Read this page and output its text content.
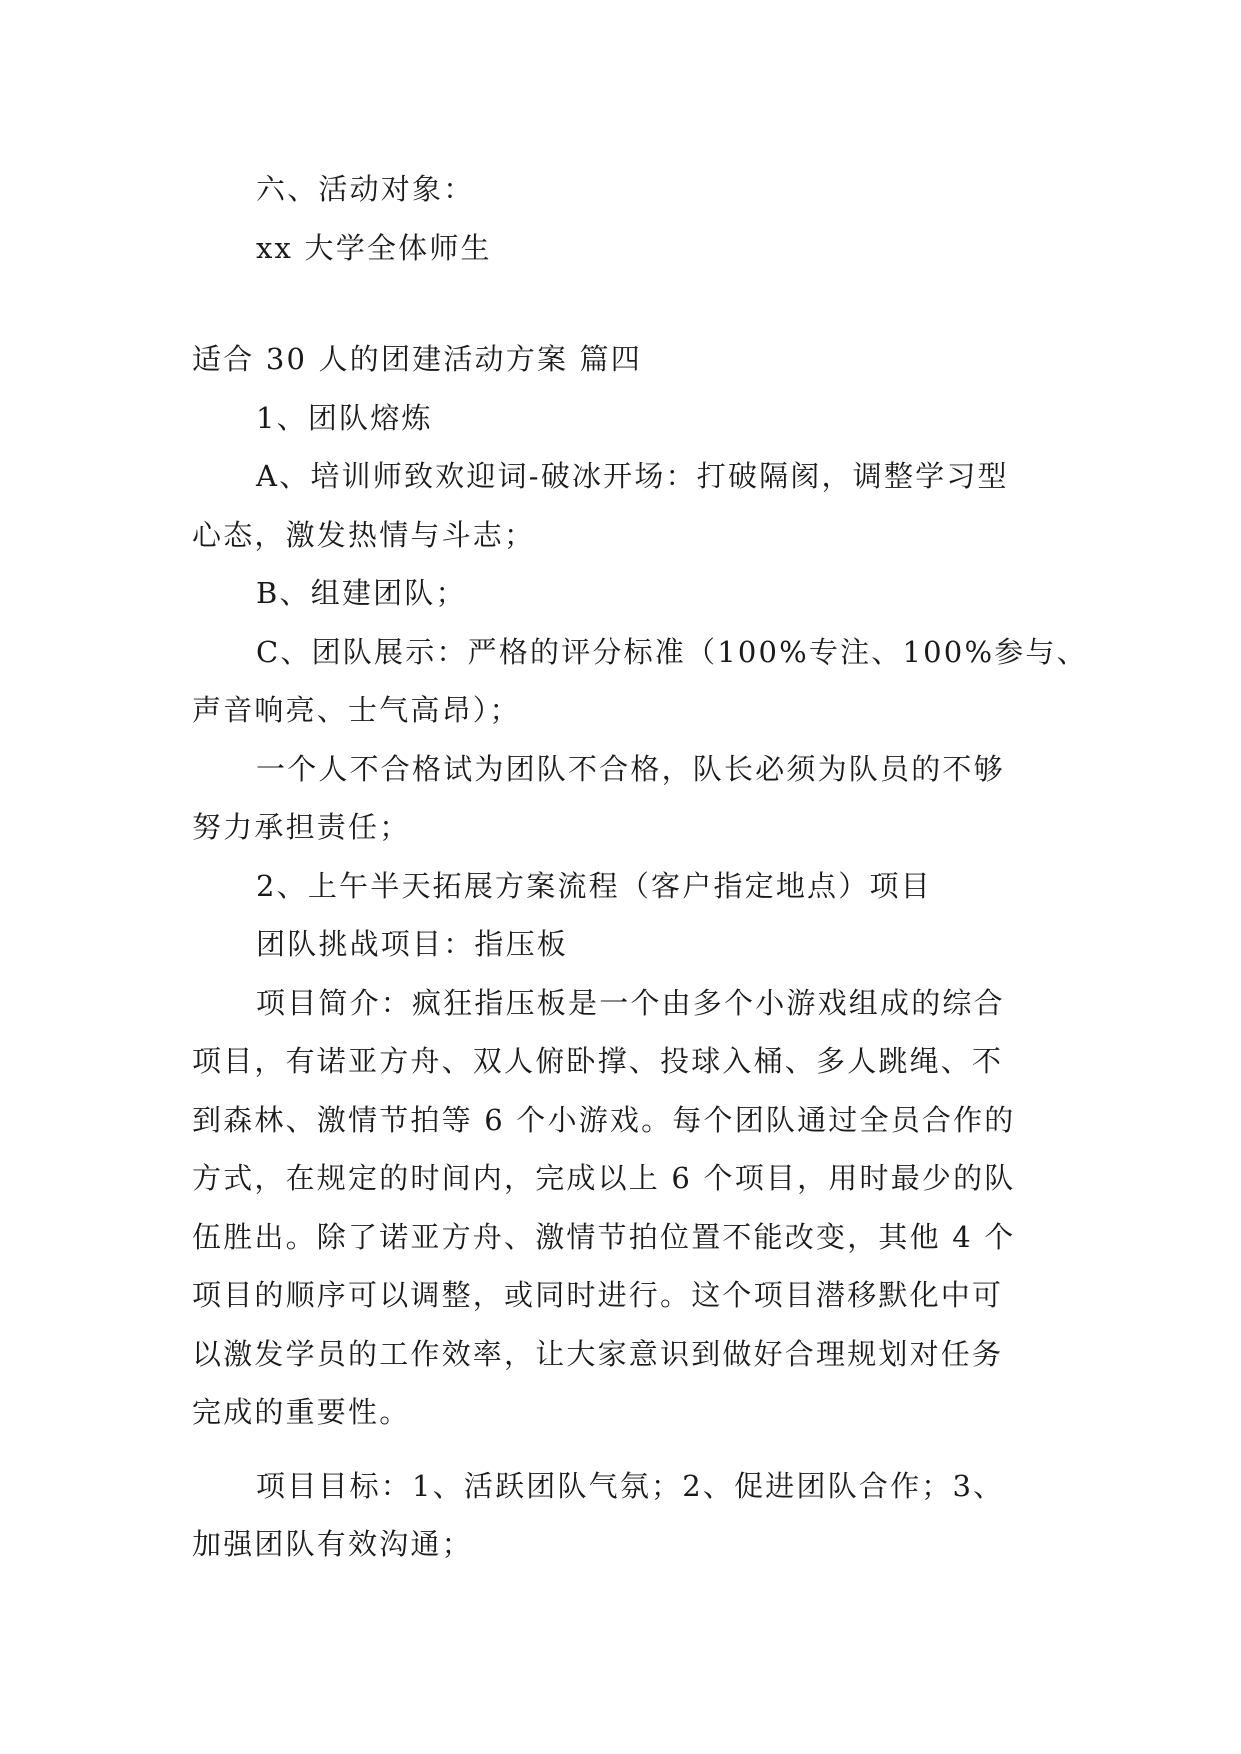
六、活动对象：

xx 大学全体师生

适合 30 人的团建活动方案 篇四

1、团队熔炼

A、培训师致欢迎词-破冰开场：打破隔阂，调整学习型

心态，激发热情与斗志；

B、组建团队；

C、团队展示：严格的评分标准（100%专注、100%参与、

声音响亮、士气高昂）；

一个人不合格试为团队不合格，队长必须为队员的不够

努力承担责任；

2、上午半天拓展方案流程（客户指定地点）项目

团队挑战项目：指压板

项目简介：疯狂指压板是一个由多个小游戏组成的综合

项目，有诺亚方舟、双人俯卧撑、投球入桶、多人跳绳、不

到森林、激情节拍等 6 个小游戏。每个团队通过全员合作的

方式，在规定的时间内，完成以上 6 个项目，用时最少的队

伍胜出。除了诺亚方舟、激情节拍位置不能改变，其他 4 个

项目的顺序可以调整，或同时进行。这个项目潜移默化中可

以激发学员的工作效率，让大家意识到做好合理规划对任务

完成的重要性。

项目目标：1、活跃团队气氛；2、促进团队合作；3、

加强团队有效沟通；
